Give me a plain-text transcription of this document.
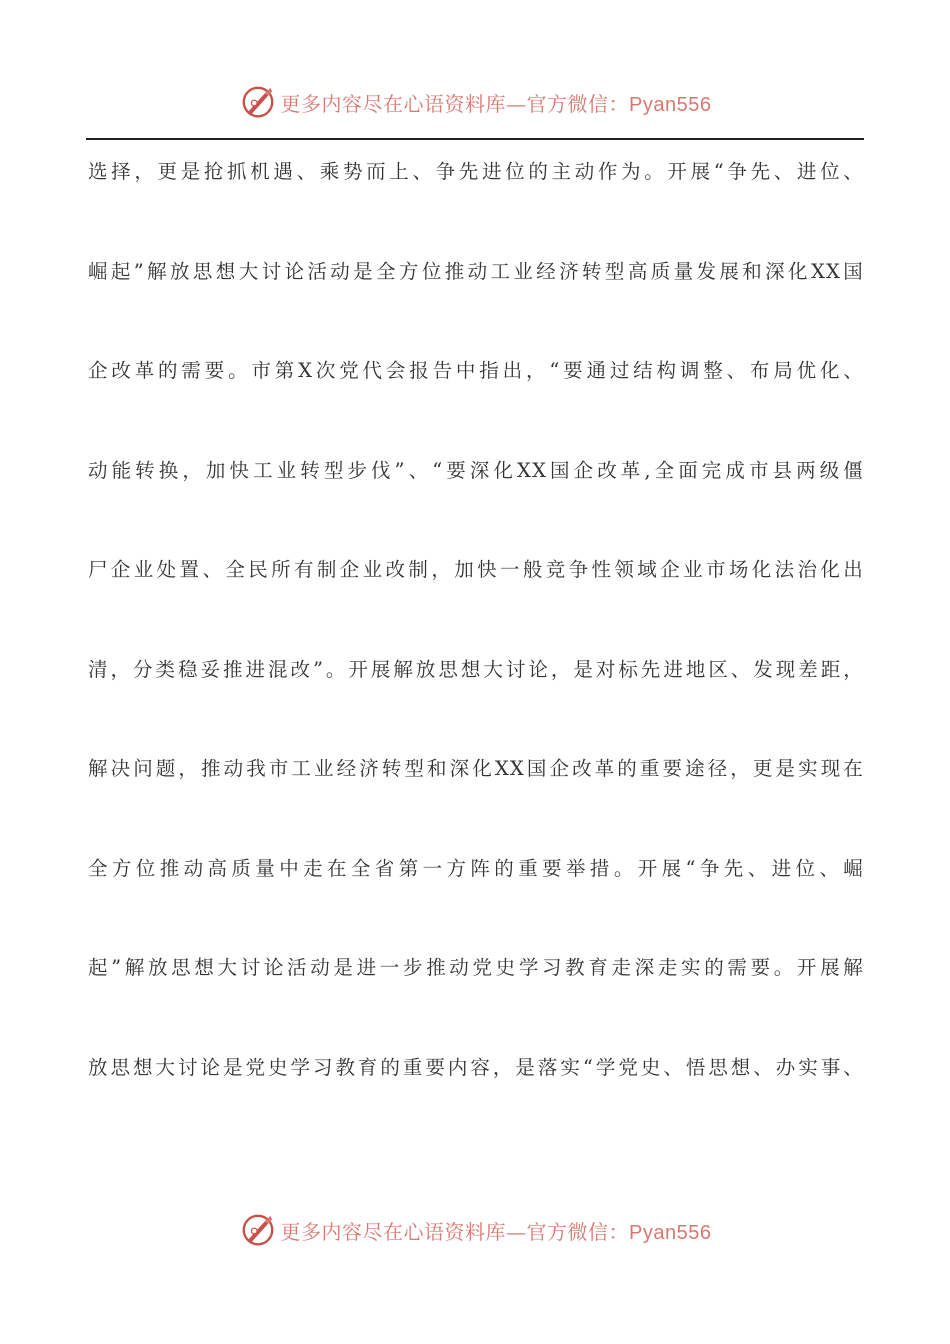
更多内容尽在心语资料库—官方微信：Pyan556
选择，更是抢抓机遇、乘势而上、争先进位的主动作为。开展“争先、进位、
崛起”解放思想大讨论活动是全方位推动工业经济转型高质量发展和深化XX国
企改革的需要。市第X次党代会报告中指出，“要通过结构调整、布局优化、
动能转换，加快工业转型步伐”、“要深化XX国企改革,全面完成市县两级僵
尸企业处置、全民所有制企业改制，加快一般竞争性领域企业市场化法治化出
清，分类稳妥推进混改”。开展解放思想大讨论，是对标先进地区、发现差距，
解决问题，推动我市工业经济转型和深化XX国企改革的重要途径，更是实现在
全方位推动高质量中走在全省第一方阵的重要举措。开展“争先、进位、崛
起”解放思想大讨论活动是进一步推动党史学习教育走深走实的需要。开展解
放思想大讨论是党史学习教育的重要内容，是落实“学党史、悟思想、办实事、
更多内容尽在心语资料库—官方微信：Pyan556
